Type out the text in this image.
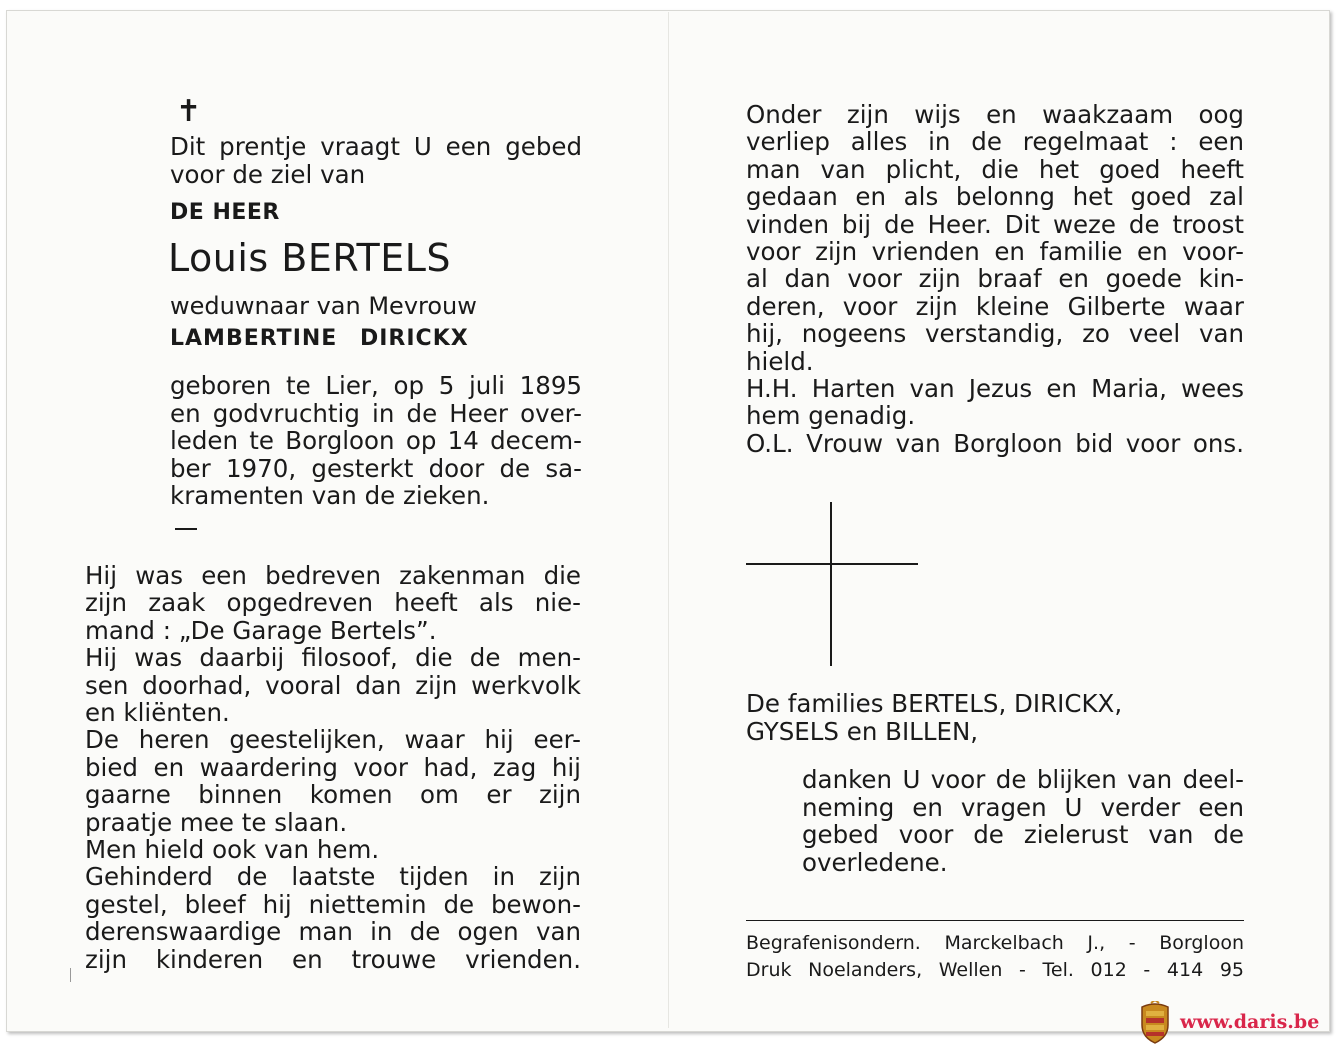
✝

Dit prentje vraagt U een gebed

voor de ziel van

DE HEER
Louis BERTELS
weduwnaar van Mevrouw
LAMBERTINE DIRICKX

geboren te Lier, op 5 juli 1895

en godvruchtig in de Heer over-

leden te Borgloon op 14 decem-

ber 1970, gesterkt door de sa-

kramenten van de zieken.

Hij was een bedreven zakenman die

zijn zaak opgedreven heeft als nie-

mand : „De Garage Bertels”.

Hij was daarbij filosoof, die de men-

sen doorhad, vooral dan zijn werkvolk

en kliënten.

De heren geestelijken, waar hij eer-

bied en waardering voor had, zag hij

gaarne binnen komen om er zijn

praatje mee te slaan.

Men hield ook van hem.

Gehinderd de laatste tijden in zijn

gestel, bleef hij niettemin de bewon-

derenswaardige man in de ogen van

zijn kinderen en trouwe vrienden.

Onder zijn wijs en waakzaam oog

verliep alles in de regelmaat : een

man van plicht, die het goed heeft

gedaan en als belonng het goed zal

vinden bij de Heer. Dit weze de troost

voor zijn vrienden en familie en voor-

al dan voor zijn braaf en goede kin-

deren, voor zijn kleine Gilberte waar

hij, nogeens verstandig, zo veel van

hield.

H.H. Harten van Jezus en Maria, wees

hem genadig.

O.L. Vrouw van Borgloon bid voor ons.

De families BERTELS, DIRICKX,

GYSELS en BILLEN,

danken U voor de blijken van deel-

neming en vragen U verder een

gebed voor de zielerust van de

overledene.

Begrafenisondern. Marckelbach J., - Borgloon

Druk Noelanders, Wellen - Tel. 012 - 414 95

www.daris.be
